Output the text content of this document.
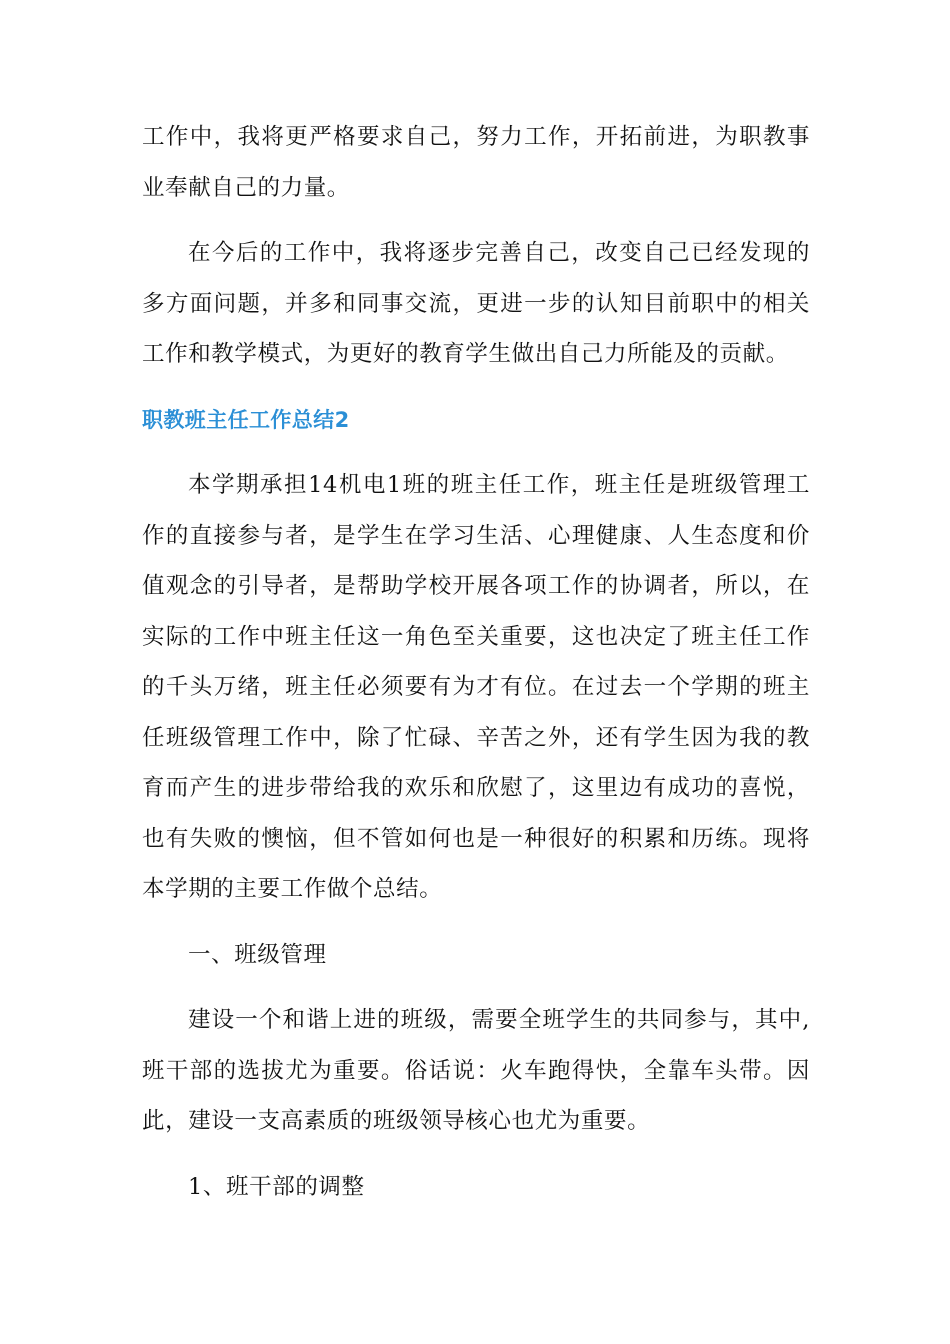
工作中，我将更严格要求自己，努力工作，开拓前进，为职教事业奉献自己的力量。

在今后的工作中，我将逐步完善自己，改变自己已经发现的多方面问题，并多和同事交流，更进一步的认知目前职中的相关工作和教学模式，为更好的教育学生做出自己力所能及的贡献。

职教班主任工作总结2

本学期承担14机电1班的班主任工作，班主任是班级管理工作的直接参与者，是学生在学习生活、心理健康、人生态度和价值观念的引导者，是帮助学校开展各项工作的协调者，所以，在实际的工作中班主任这一角色至关重要，这也决定了班主任工作的千头万绪，班主任必须要有为才有位。在过去一个学期的班主任班级管理工作中，除了忙碌、辛苦之外，还有学生因为我的教育而产生的进步带给我的欢乐和欣慰了，这里边有成功的喜悦，也有失败的懊恼，但不管如何也是一种很好的积累和历练。现将本学期的主要工作做个总结。

一、班级管理

建设一个和谐上进的班级，需要全班学生的共同参与，其中,班干部的选拔尤为重要。俗话说：火车跑得快，全靠车头带。因此，建设一支高素质的班级领导核心也尤为重要。

1、班干部的调整
